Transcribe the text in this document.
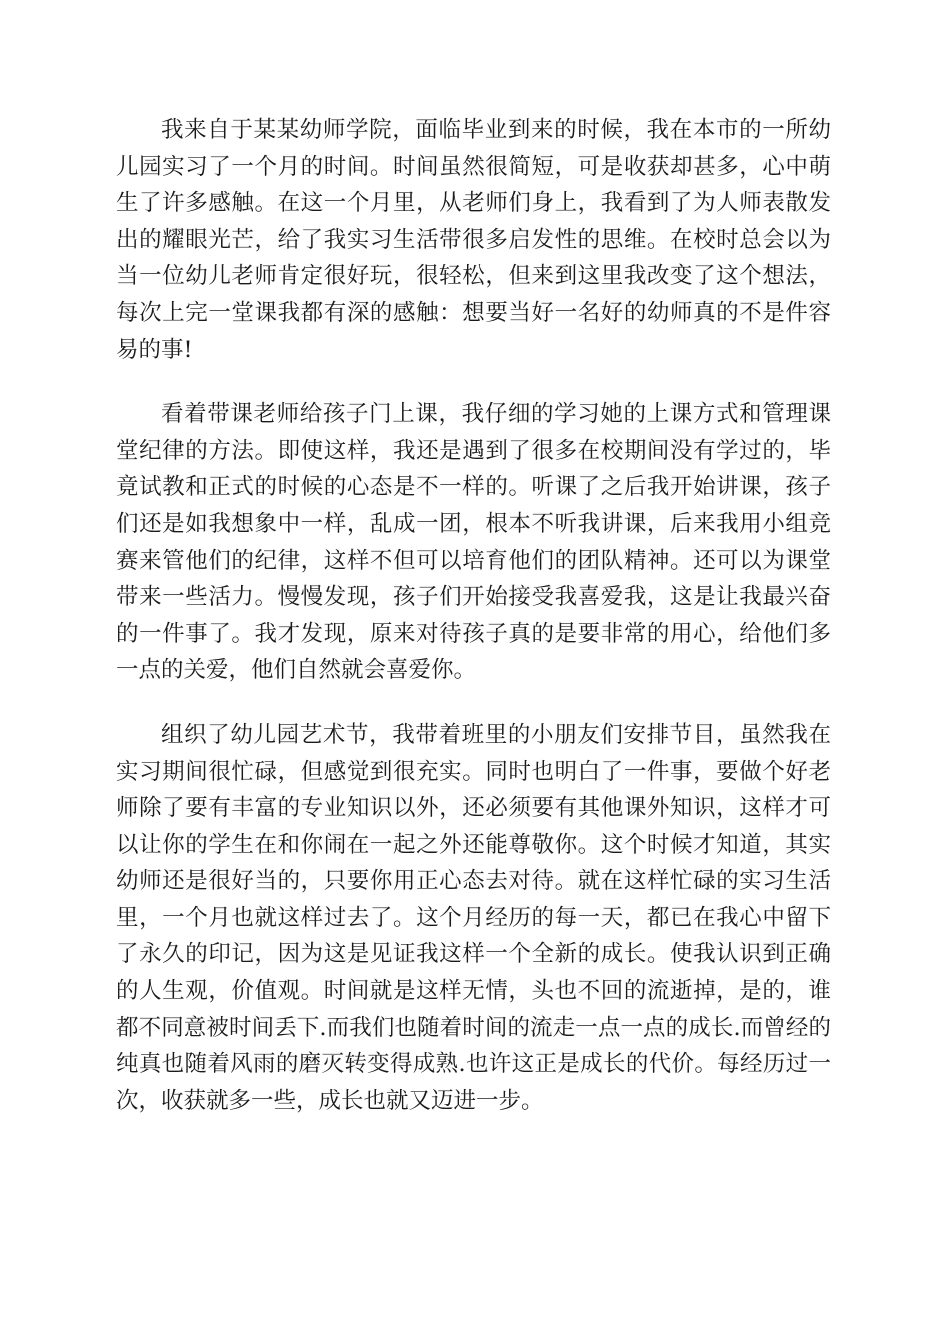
我来自于某某幼师学院，面临毕业到来的时候，我在本市的一所幼儿园实习了一个月的时间。时间虽然很简短，可是收获却甚多，心中萌生了许多感触。在这一个月里，从老师们身上，我看到了为人师表散发出的耀眼光芒，给了我实习生活带很多启发性的思维。在校时总会以为当一位幼儿老师肯定很好玩，很轻松，但来到这里我改变了这个想法，每次上完一堂课我都有深的感触：想要当好一名好的幼师真的不是件容易的事!

看着带课老师给孩子门上课，我仔细的学习她的上课方式和管理课堂纪律的方法。即使这样，我还是遇到了很多在校期间没有学过的，毕竟试教和正式的时候的心态是不一样的。听课了之后我开始讲课，孩子们还是如我想象中一样，乱成一团，根本不听我讲课，后来我用小组竞赛来管他们的纪律，这样不但可以培育他们的团队精神。还可以为课堂带来一些活力。慢慢发现，孩子们开始接受我喜爱我，这是让我最兴奋的一件事了。我才发现，原来对待孩子真的是要非常的用心，给他们多一点的关爱，他们自然就会喜爱你。

组织了幼儿园艺术节，我带着班里的小朋友们安排节目，虽然我在实习期间很忙碌，但感觉到很充实。同时也明白了一件事，要做个好老师除了要有丰富的专业知识以外，还必须要有其他课外知识，这样才可以让你的学生在和你闹在一起之外还能尊敬你。这个时候才知道，其实幼师还是很好当的，只要你用正心态去对待。就在这样忙碌的实习生活里，一个月也就这样过去了。这个月经历的每一天，都已在我心中留下了永久的印记，因为这是见证我这样一个全新的成长。使我认识到正确的人生观，价值观。时间就是这样无情，头也不回的流逝掉，是的，谁都不同意被时间丢下.而我们也随着时间的流走一点一点的成长.而曾经的纯真也随着风雨的磨灭转变得成熟.也许这正是成长的代价。每经历过一次，收获就多一些，成长也就又迈进一步。
